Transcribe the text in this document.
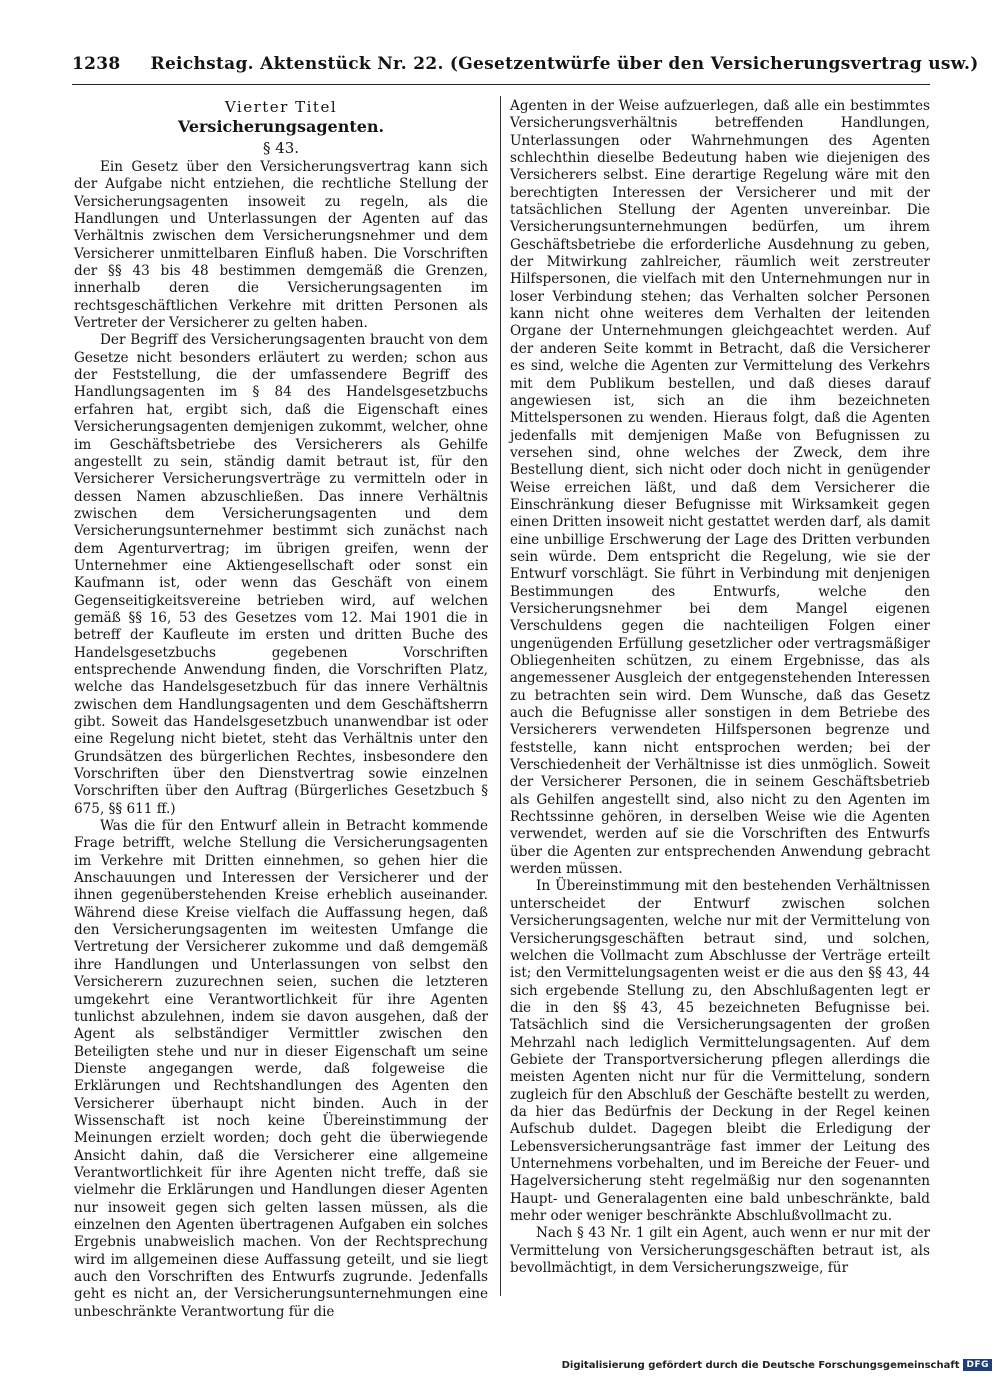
1238 Reichstag. Aktenstück Nr. 22. (Gesetzentwürfe über den Versicherungsvertrag usw.)
Vierter Titel
Versicherungsagenten.
§ 43.

Ein Gesetz über den Versicherungsvertrag kann sich der Aufgabe nicht entziehen, die rechtliche Stellung der Versicherungsagenten insoweit zu regeln, als die Handlungen und Unterlassungen der Agenten auf das Verhältnis zwischen dem Versicherungsnehmer und dem Versicherer unmittelbaren Einfluß haben. Die Vorschriften der §§ 43 bis 48 bestimmen demgemäß die Grenzen, innerhalb deren die Versicherungsagenten im rechtsgeschäftlichen Verkehre mit dritten Personen als Vertreter der Versicherer zu gelten haben.

Der Begriff des Versicherungsagenten braucht von dem Gesetze nicht besonders erläutert zu werden; schon aus der Feststellung, die der umfassendere Begriff des Handlungsagenten im § 84 des Handelsgesetzbuchs erfahren hat, ergibt sich, daß die Eigenschaft eines Versicherungsagenten demjenigen zukommt, welcher, ohne im Geschäftsbetriebe des Versicherers als Gehilfe angestellt zu sein, ständig damit betraut ist, für den Versicherer Versicherungsverträge zu vermitteln oder in dessen Namen abzuschließen. Das innere Verhältnis zwischen dem Versicherungsagenten und dem Versicherungsunternehmer bestimmt sich zunächst nach dem Agenturvertrag; im übrigen greifen, wenn der Unternehmer eine Aktiengesellschaft oder sonst ein Kaufmann ist, oder wenn das Geschäft von einem Gegenseitigkeitsvereine betrieben wird, auf welchen gemäß §§ 16, 53 des Gesetzes vom 12. Mai 1901 die in betreff der Kaufleute im ersten und dritten Buche des Handelsgesetzbuchs gegebenen Vorschriften entsprechende Anwendung finden, die Vorschriften Platz, welche das Handelsgesetzbuch für das innere Verhältnis zwischen dem Handlungsagenten und dem Geschäftsherrn gibt. Soweit das Handelsgesetzbuch unanwendbar ist oder eine Regelung nicht bietet, steht das Verhältnis unter den Grundsätzen des bürgerlichen Rechtes, insbesondere den Vorschriften über den Dienstvertrag sowie einzelnen Vorschriften über den Auftrag (Bürgerliches Gesetzbuch § 675, §§ 611 ff.)

Was die für den Entwurf allein in Betracht kommende Frage betrifft, welche Stellung die Versicherungsagenten im Verkehre mit Dritten einnehmen, so gehen hier die Anschauungen und Interessen der Versicherer und der ihnen gegenüberstehenden Kreise erheblich auseinander. Während diese Kreise vielfach die Auffassung hegen, daß den Versicherungsagenten im weitesten Umfange die Vertretung der Versicherer zukomme und daß demgemäß ihre Handlungen und Unterlassungen von selbst den Versicherern zuzurechnen seien, suchen die letzteren umgekehrt eine Verantwortlichkeit für ihre Agenten tunlichst abzulehnen, indem sie davon ausgehen, daß der Agent als selbständiger Vermittler zwischen den Beteiligten stehe und nur in dieser Eigenschaft um seine Dienste angegangen werde, daß folgeweise die Erklärungen und Rechtshandlungen des Agenten den Versicherer überhaupt nicht binden. Auch in der Wissenschaft ist noch keine Übereinstimmung der Meinungen erzielt worden; doch geht die überwiegende Ansicht dahin, daß die Versicherer eine allgemeine Verantwortlichkeit für ihre Agenten nicht treffe, daß sie vielmehr die Erklärungen und Handlungen dieser Agenten nur insoweit gegen sich gelten lassen müssen, als die einzelnen den Agenten übertragenen Aufgaben ein solches Ergebnis unabweislich machen. Von der Rechtsprechung wird im allgemeinen diese Auffassung geteilt, und sie liegt auch den Vorschriften des Entwurfs zugrunde. Jedenfalls geht es nicht an, der Versicherungsunternehmungen eine unbeschränkte Verantwortung für die

Agenten in der Weise aufzuerlegen, daß alle ein bestimmtes Versicherungsverhältnis betreffenden Handlungen, Unterlassungen oder Wahrnehmungen des Agenten schlechthin dieselbe Bedeutung haben wie diejenigen des Versicherers selbst. Eine derartige Regelung wäre mit den berechtigten Interessen der Versicherer und mit der tatsächlichen Stellung der Agenten unvereinbar. Die Versicherungsunternehmungen bedürfen, um ihrem Geschäftsbetriebe die erforderliche Ausdehnung zu geben, der Mitwirkung zahlreicher, räumlich weit zerstreuter Hilfspersonen, die vielfach mit den Unternehmungen nur in loser Verbindung stehen; das Verhalten solcher Personen kann nicht ohne weiteres dem Verhalten der leitenden Organe der Unternehmungen gleichgeachtet werden. Auf der anderen Seite kommt in Betracht, daß die Versicherer es sind, welche die Agenten zur Vermittelung des Verkehrs mit dem Publikum bestellen, und daß dieses darauf angewiesen ist, sich an die ihm bezeichneten Mittelspersonen zu wenden. Hieraus folgt, daß die Agenten jedenfalls mit demjenigen Maße von Befugnissen zu versehen sind, ohne welches der Zweck, dem ihre Bestellung dient, sich nicht oder doch nicht in genügender Weise erreichen läßt, und daß dem Versicherer die Einschränkung dieser Befugnisse mit Wirksamkeit gegen einen Dritten insoweit nicht gestattet werden darf, als damit eine unbillige Erschwerung der Lage des Dritten verbunden sein würde. Dem entspricht die Regelung, wie sie der Entwurf vorschlägt. Sie führt in Verbindung mit denjenigen Bestimmungen des Entwurfs, welche den Versicherungsnehmer bei dem Mangel eigenen Verschuldens gegen die nachteiligen Folgen einer ungenügenden Erfüllung gesetzlicher oder vertragsmäßiger Obliegenheiten schützen, zu einem Ergebnisse, das als angemessener Ausgleich der entgegenstehenden Interessen zu betrachten sein wird. Dem Wunsche, daß das Gesetz auch die Befugnisse aller sonstigen in dem Betriebe des Versicherers verwendeten Hilfspersonen begrenze und feststelle, kann nicht entsprochen werden; bei der Verschiedenheit der Verhältnisse ist dies unmöglich. Soweit der Versicherer Personen, die in seinem Geschäftsbetrieb als Gehilfen angestellt sind, also nicht zu den Agenten im Rechtssinne gehören, in derselben Weise wie die Agenten verwendet, werden auf sie die Vorschriften des Entwurfs über die Agenten zur entsprechenden Anwendung gebracht werden müssen.

In Übereinstimmung mit den bestehenden Verhältnissen unterscheidet der Entwurf zwischen solchen Versicherungsagenten, welche nur mit der Vermittelung von Versicherungsgeschäften betraut sind, und solchen, welchen die Vollmacht zum Abschlusse der Verträge erteilt ist; den Vermittelungsagenten weist er die aus den §§ 43, 44 sich ergebende Stellung zu, den Abschlußagenten legt er die in den §§ 43, 45 bezeichneten Befugnisse bei. Tatsächlich sind die Versicherungsagenten der großen Mehrzahl nach lediglich Vermittelungsagenten. Auf dem Gebiete der Transportversicherung pflegen allerdings die meisten Agenten nicht nur für die Vermittelung, sondern zugleich für den Abschluß der Geschäfte bestellt zu werden, da hier das Bedürfnis der Deckung in der Regel keinen Aufschub duldet. Dagegen bleibt die Erledigung der Lebensversicherungsanträge fast immer der Leitung des Unternehmens vorbehalten, und im Bereiche der Feuer- und Hagelversicherung steht regelmäßig nur den sogenannten Haupt- und Generalagenten eine bald unbeschränkte, bald mehr oder weniger beschränkte Abschlußvollmacht zu.

Nach § 43 Nr. 1 gilt ein Agent, auch wenn er nur mit der Vermittelung von Versicherungsgeschäften betraut ist, als bevollmächtigt, in dem Versicherungszweige, für

Digitalisierung gefördert durch die Deutsche Forschungsgemeinschaft DFG
